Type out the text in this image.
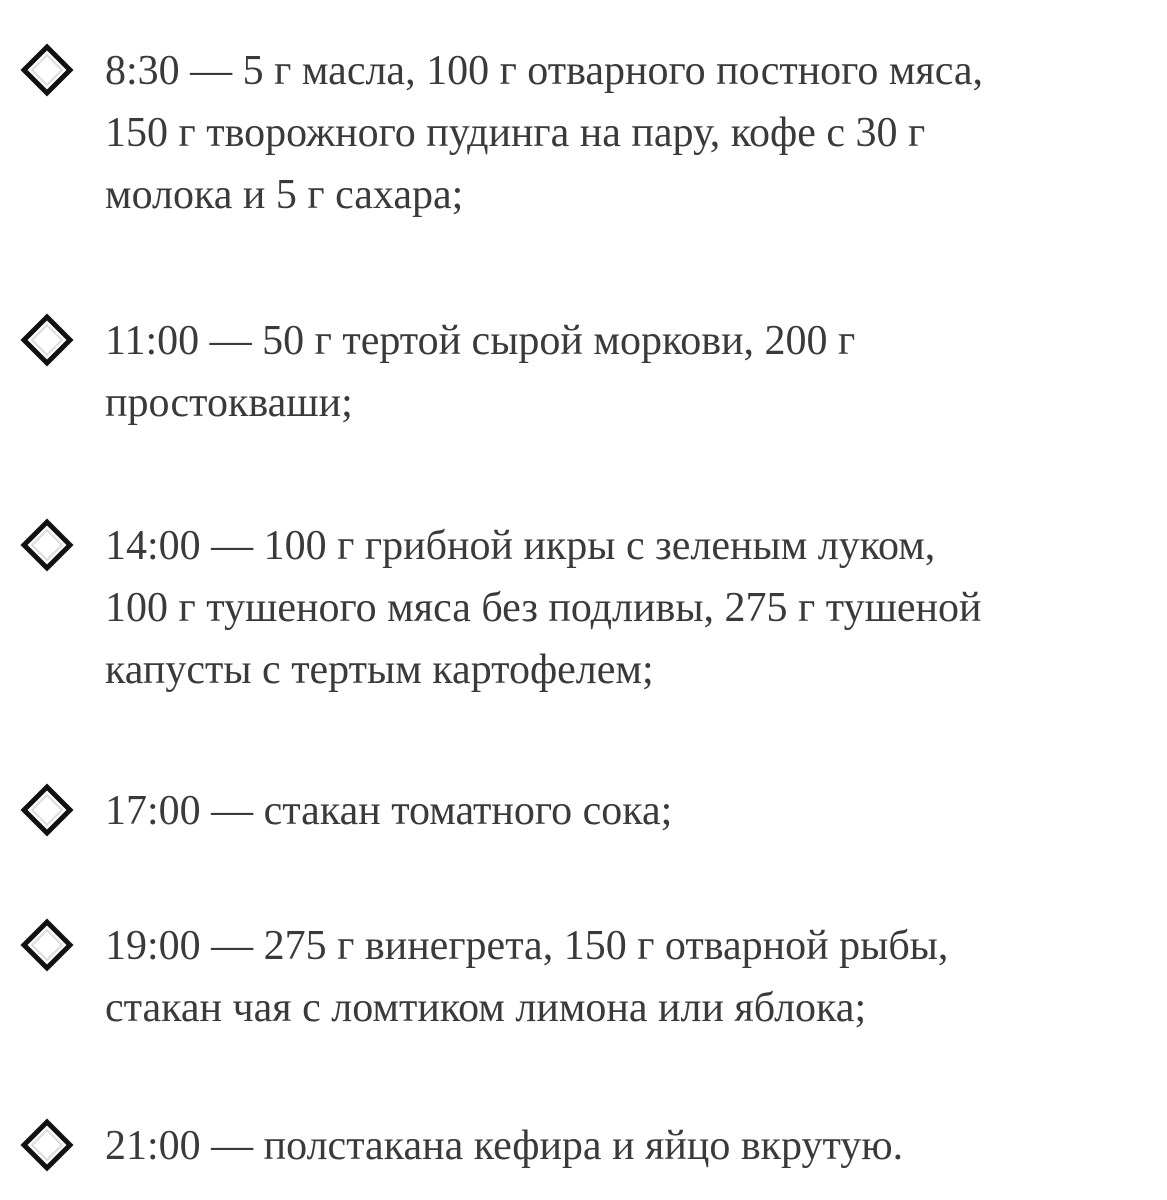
8:30 — 5 г масла, 100 г отварного постного мяса,
150 г творожного пудинга на пару, кофе с 30 г
молока и 5 г сахара;

11:00 — 50 г тертой сырой моркови, 200 г
простокваши;

14:00 — 100 г грибной икры с зеленым луком,
100 г тушеного мяса без подливы, 275 г тушеной
капусты с тертым картофелем;

17:00 — стакан томатного сока;

19:00 — 275 г винегрета, 150 г отварной рыбы,
стакан чая с ломтиком лимона или яблока;

21:00 — полстакана кефира и яйцо вкрутую.
